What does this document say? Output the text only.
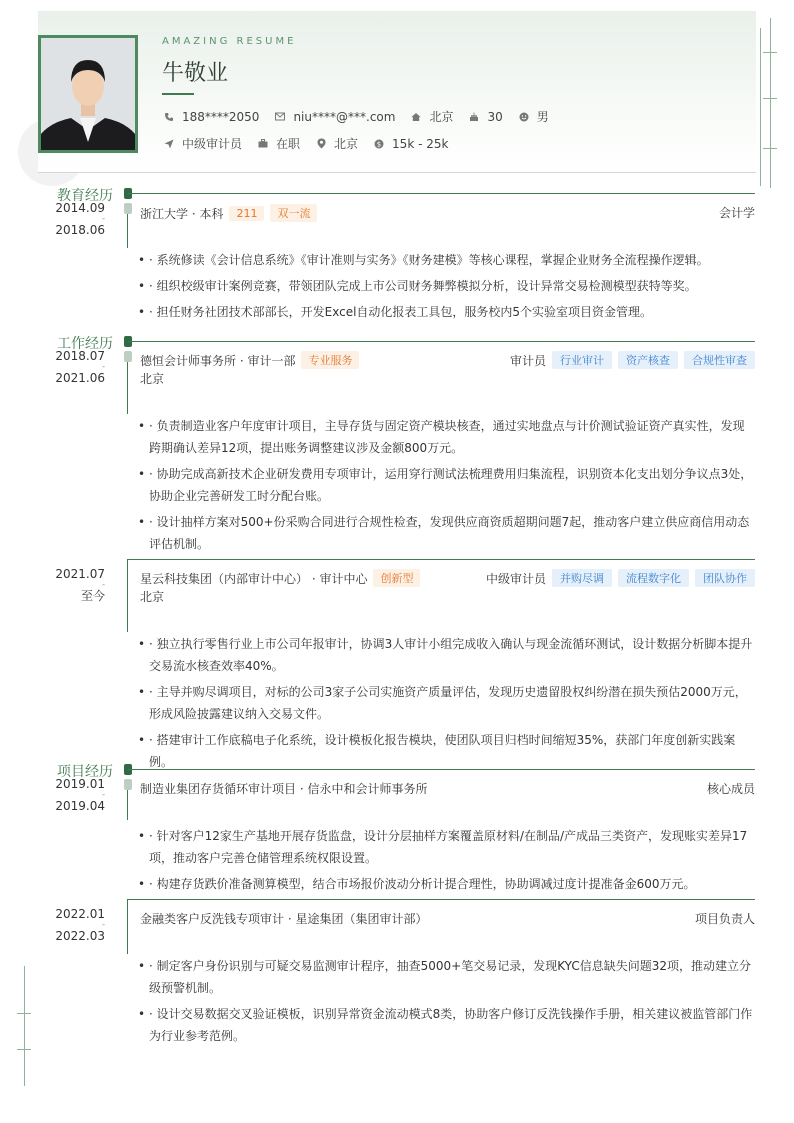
AMAZING RESUME
牛敬业
188****2050	niu****@***.com	北京	30	男
中级审计员	在职	北京	$ 15k - 25k
教育经历
2014.09
-
2018.06
浙江大学 · 本科	211	双一流	会计学
• · 系统修读《会计信息系统》《审计准则与实务》《财务建模》等核心课程，掌握企业财务全流程操作逻辑。
• · 组织校级审计案例竞赛，带领团队完成上市公司财务舞弊模拟分析，设计异常交易检测模型获特等奖。
• · 担任财务社团技术部部长，开发Excel自动化报表工具包，服务校内5个实验室项目资金管理。
工作经历
2018.07
-
2021.06
德恒会计师事务所 · 审计一部	专业服务	审计员	行业审计	资产核查	合规性审查
北京
• · 负责制造业客户年度审计项目，主导存货与固定资产模块核查，通过实地盘点与计价测试验证资产真实性，发现跨期确认差异12项，提出账务调整建议涉及金额800万元。
• · 协助完成高新技术企业研发费用专项审计，运用穿行测试法梳理费用归集流程，识别资本化支出划分争议点3处，协助企业完善研发工时分配台账。
• · 设计抽样方案对500+份采购合同进行合规性检查，发现供应商资质超期问题7起，推动客户建立供应商信用动态评估机制。
2021.07
-
至今
星云科技集团（内部审计中心） · 审计中心	创新型	中级审计员	并购尽调	流程数字化	团队协作
北京
• · 独立执行零售行业上市公司年报审计，协调3人审计小组完成收入确认与现金流循环测试，设计数据分析脚本提升交易流水核查效率40%。
• · 主导并购尽调项目，对标的公司3家子公司实施资产质量评估，发现历史遗留股权纠纷潜在损失预估2000万元，形成风险披露建议纳入交易文件。
• · 搭建审计工作底稿电子化系统，设计模板化报告模块，使团队项目归档时间缩短35%，获部门年度创新实践案例。
项目经历
2019.01
-
2019.04
制造业集团存货循环审计项目 · 信永中和会计师事务所	核心成员
• · 针对客户12家生产基地开展存货监盘，设计分层抽样方案覆盖原材料/在制品/产成品三类资产，发现账实差异17项，推动客户完善仓储管理系统权限设置。
• · 构建存货跌价准备测算模型，结合市场报价波动分析计提合理性，协助调减过度计提准备金600万元。
2022.01
-
2022.03
金融类客户反洗钱专项审计 · 星途集团（集团审计部）	项目负责人
• · 制定客户身份识别与可疑交易监测审计程序，抽查5000+笔交易记录，发现KYC信息缺失问题32项，推动建立分级预警机制。
• · 设计交易数据交叉验证模板，识别异常资金流动模式8类，协助客户修订反洗钱操作手册，相关建议被监管部门作为行业参考范例。
